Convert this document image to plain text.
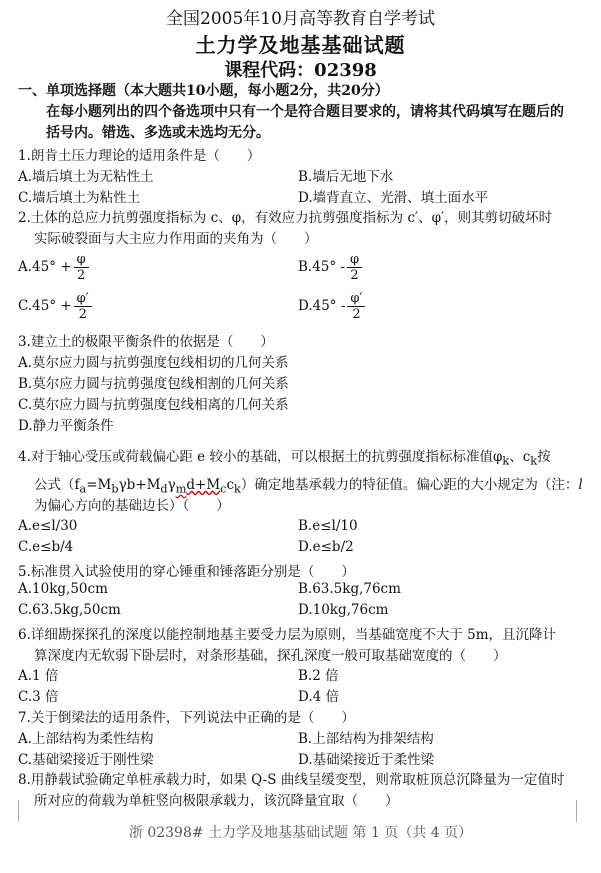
全国2005年10月高等教育自学考试
土力学及地基基础试题
课程代码：02398
一、单项选择题（本大题共10小题，每小题2分，共20分）
在每小题列出的四个备选项中只有一个是符合题目要求的，请将其代码填写在题后的
括号内。错选、多选或未选均无分。
1.朗肯土压力理论的适用条件是（　　）
A.墙后填土为无粘性土	B.墙后无地下水
C.墙后填土为粘性土	D.墙背直立、光滑、填土面水平
2.土体的总应力抗剪强度指标为 c、φ，有效应力抗剪强度指标为 c′、φ′，则其剪切破坏时
实际破裂面与大主应力作用面的夹角为（　　）
$A.45^\circ + \frac{\varphi}{2}$	$B.45^\circ - \frac{\varphi}{2}$
$C.45^\circ + \frac{\varphi'}{2}$	$D.45^\circ - \frac{\varphi'}{2}$
3.建立土的极限平衡条件的依据是（　　）
A.莫尔应力圆与抗剪强度包线相切的几何关系
B.莫尔应力圆与抗剪强度包线相割的几何关系
C.莫尔应力圆与抗剪强度包线相离的几何关系
D.静力平衡条件
4.对于轴心受压或荷载偏心距 e 较小的基础，可以根据土的抗剪强度指标标准值$\varphi_k$、$c_k$按
公式$(f_a=M_b\gamma b+M_d\gamma_md+M_cc_k)$确定地基承载力的特征值。偏心距的大小规定为（注：l
为偏心方向的基础边长）（　　）
A.e≤l/30	B.e≤l/10
C.e≤b/4	D.e≤b/2
5.标准贯入试验使用的穿心锤重和锤落距分别是（　　）
A.10kg,50cm	B.63.5kg,76cm
C.63.5kg,50cm	D.10kg,76cm
6.详细勘探探孔的深度以能控制地基主要受力层为原则，当基础宽度不大于 5m，且沉降计
算深度内无软弱下卧层时，对条形基础，探孔深度一般可取基础宽度的（　　）
A.1 倍	B.2 倍
C.3 倍	D.4 倍
7.关于倒梁法的适用条件，下列说法中正确的是（　　）
A.上部结构为柔性结构	B.上部结构为排架结构
C.基础梁接近于刚性梁	D.基础梁接近于柔性梁
8.用静载试验确定单桩承载力时，如果 Q-S 曲线呈缓变型，则常取桩顶总沉降量为一定值时
所对应的荷载为单桩竖向极限承载力，该沉降量宜取（　　）
浙 02398# 土力学及地基基础试题 第 1 页（共 4 页）
